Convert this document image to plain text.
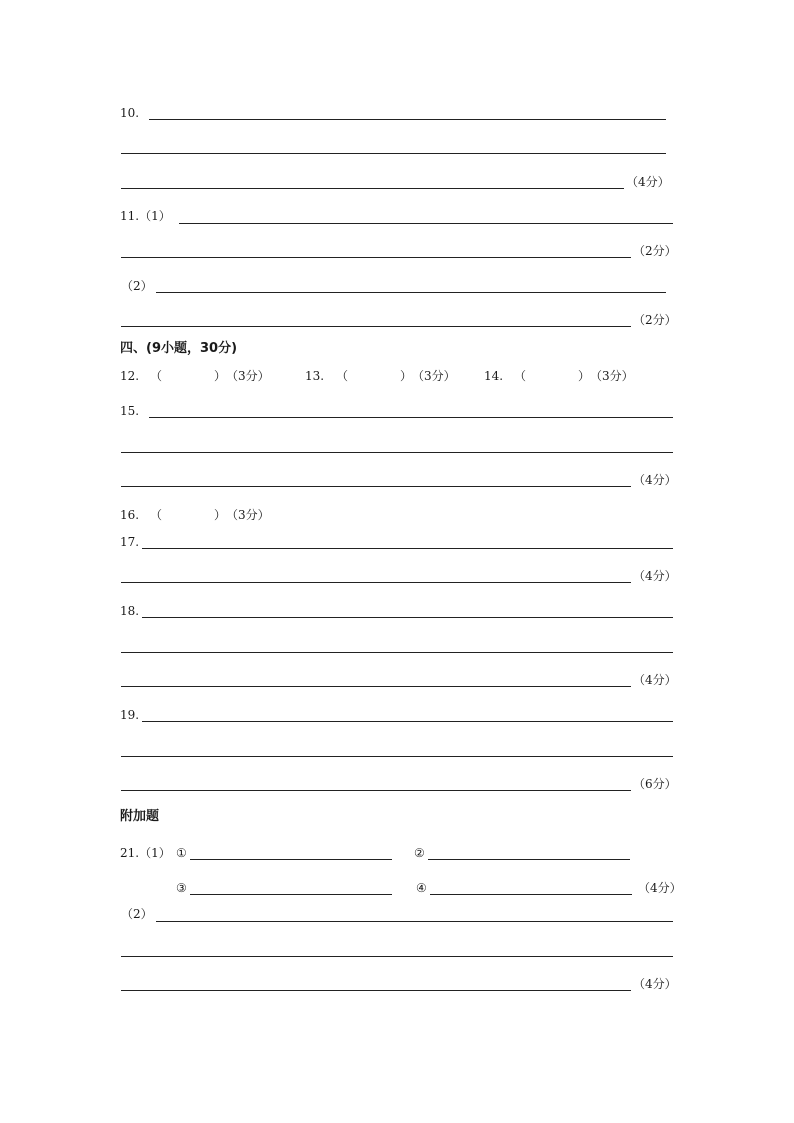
10.
（4分）
11.（1）
（2分）
（2）
（2分）
四、(9小题，30分)
12. （	） （3分）	13. （	） （3分） 14. （	） （3分）
15.
（4分）
16. （	） （3分）
17.
（4分）
18.
（4分）
19.
（6分）
附加题
21.（1） ①	②
③	④	（4分）
（2）
（4分）
